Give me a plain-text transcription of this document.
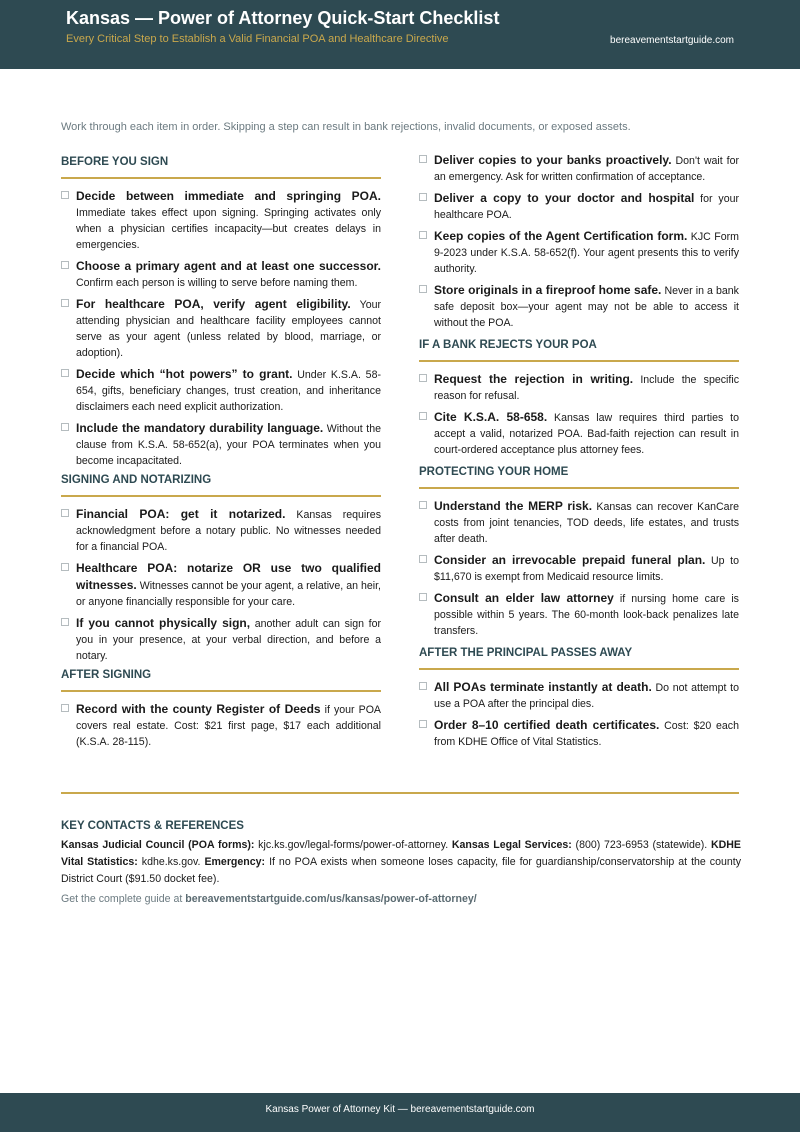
Kansas — Power of Attorney Quick-Start Checklist
Every Critical Step to Establish a Valid Financial POA and Healthcare Directive	bereavementstartguide.com
Work through each item in order. Skipping a step can result in bank rejections, invalid documents, or exposed assets.
BEFORE YOU SIGN
Decide between immediate and springing POA. Immediate takes effect upon signing. Springing activates only when a physician certifies incapacity—but creates delays in emergencies.
Choose a primary agent and at least one successor. Confirm each person is willing to serve before naming them.
For healthcare POA, verify agent eligibility. Your attending physician and healthcare facility employees cannot serve as your agent (unless related by blood, marriage, or adoption).
Decide which “hot powers” to grant. Under K.S.A. 58-654, gifts, beneficiary changes, trust creation, and inheritance disclaimers each need explicit authorization.
Include the mandatory durability language. Without the clause from K.S.A. 58-652(a), your POA terminates when you become incapacitated.
SIGNING AND NOTARIZING
Financial POA: get it notarized. Kansas requires acknowledgment before a notary public. No witnesses needed for a financial POA.
Healthcare POA: notarize OR use two qualified witnesses. Witnesses cannot be your agent, a relative, an heir, or anyone financially responsible for your care.
If you cannot physically sign, another adult can sign for you in your presence, at your verbal direction, and before a notary.
AFTER SIGNING
Record with the county Register of Deeds if your POA covers real estate. Cost: $21 first page, $17 each additional (K.S.A. 28-115).
Deliver copies to your banks proactively. Don't wait for an emergency. Ask for written confirmation of acceptance.
Deliver a copy to your doctor and hospital for your healthcare POA.
Keep copies of the Agent Certification form. KJC Form 9-2023 under K.S.A. 58-652(f). Your agent presents this to verify authority.
Store originals in a fireproof home safe. Never in a bank safe deposit box—your agent may not be able to access it without the POA.
IF A BANK REJECTS YOUR POA
Request the rejection in writing. Include the specific reason for refusal.
Cite K.S.A. 58-658. Kansas law requires third parties to accept a valid, notarized POA. Bad-faith rejection can result in court-ordered acceptance plus attorney fees.
PROTECTING YOUR HOME
Understand the MERP risk. Kansas can recover KanCare costs from joint tenancies, TOD deeds, life estates, and trusts after death.
Consider an irrevocable prepaid funeral plan. Up to $11,670 is exempt from Medicaid resource limits.
Consult an elder law attorney if nursing home care is possible within 5 years. The 60-month look-back penalizes late transfers.
AFTER THE PRINCIPAL PASSES AWAY
All POAs terminate instantly at death. Do not attempt to use a POA after the principal dies.
Order 8–10 certified death certificates. Cost: $20 each from KDHE Office of Vital Statistics.
KEY CONTACTS & REFERENCES

Kansas Judicial Council (POA forms): kjc.ks.gov/legal-forms/power-of-attorney. Kansas Legal Services: (800) 723-6953 (statewide). KDHE Vital Statistics: kdhe.ks.gov. Emergency: If no POA exists when someone loses capacity, file for guardianship/conservatorship at the county District Court ($91.50 docket fee).

Get the complete guide at bereavementstartguide.com/us/kansas/power-of-attorney/

Kansas Power of Attorney Kit — bereavementstartguide.com
